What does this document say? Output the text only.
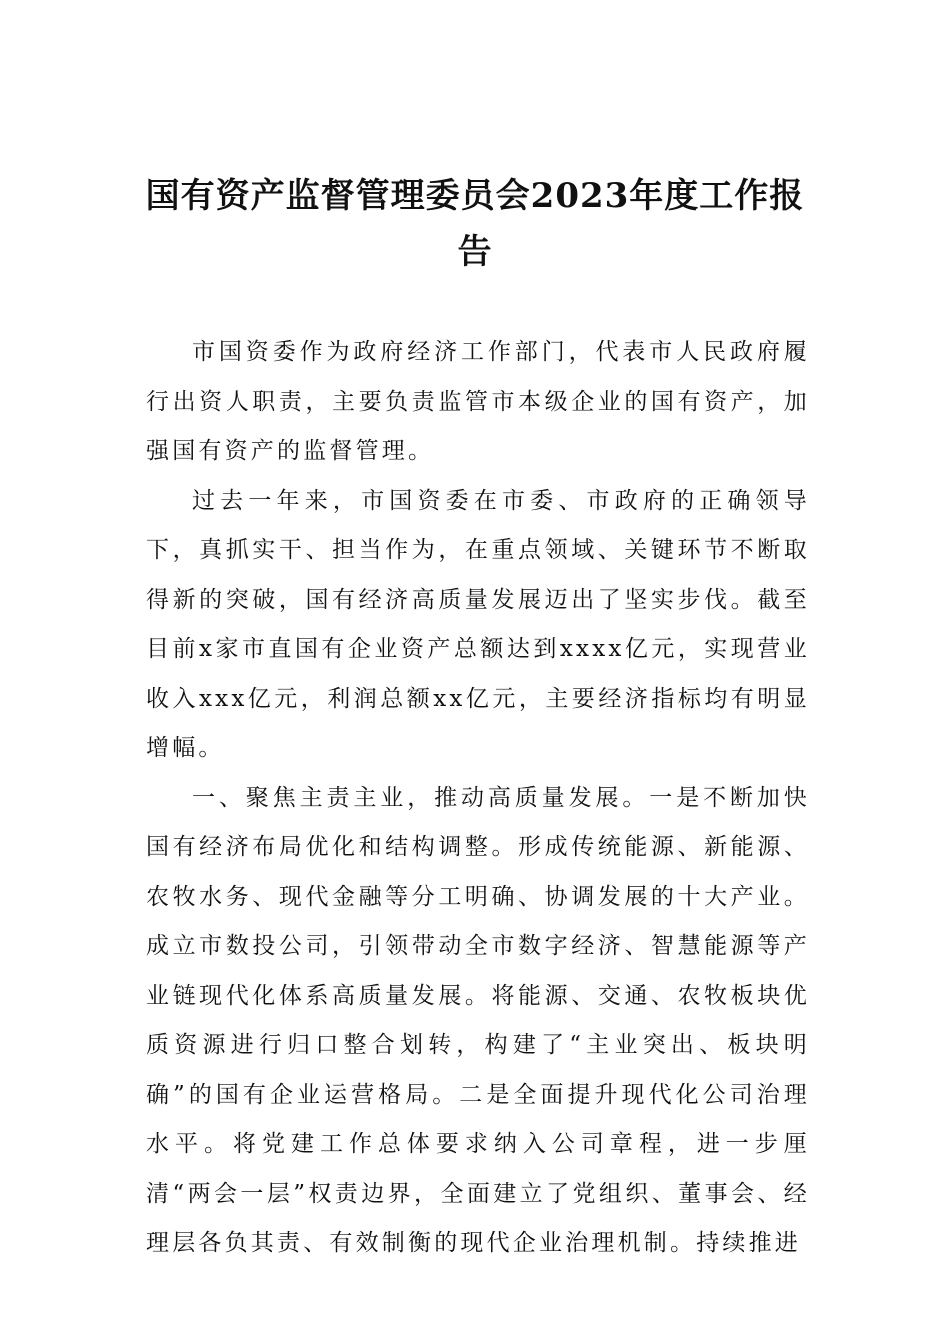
国有资产监督管理委员会2023年度工作报告

市国资委作为政府经济工作部门，代表市人民政府履行出资人职责，主要负责监管市本级企业的国有资产，加强国有资产的监督管理。

过去一年来，市国资委在市委、市政府的正确领导下，真抓实干、担当作为，在重点领域、关键环节不断取得新的突破，国有经济高质量发展迈出了坚实步伐。截至目前x家市直国有企业资产总额达到xxxx亿元，实现营业收入xxx亿元，利润总额xx亿元，主要经济指标均有明显增幅。

一、聚焦主责主业，推动高质量发展。一是不断加快国有经济布局优化和结构调整。形成传统能源、新能源、农牧水务、现代金融等分工明确、协调发展的十大产业。成立市数投公司，引领带动全市数字经济、智慧能源等产业链现代化体系高质量发展。将能源、交通、农牧板块优质资源进行归口整合划转，构建了“主业突出、板块明确”的国有企业运营格局。二是全面提升现代化公司治理水平。将党建工作总体要求纳入公司章程，进一步厘清“两会一层”权责边界，全面建立了党组织、董事会、经理层各负其责、有效制衡的现代企业治理机制。持续推进
